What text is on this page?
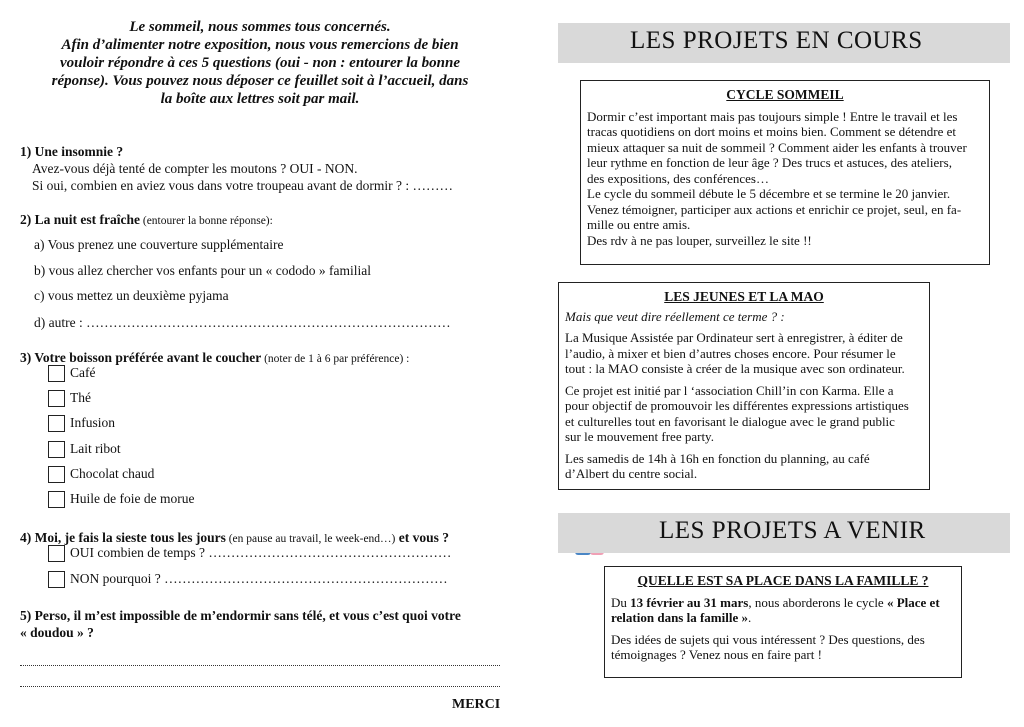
Le sommeil, nous sommes tous concernés.
Afin d’alimenter notre exposition, nous vous remercions de bien
vouloir répondre à ces 5 questions (oui - non : entourer la bonne
réponse). Vous pouvez nous déposer ce feuillet soit à l’accueil, dans
la boîte aux lettres soit par mail.
1) Une insomnie ?
Avez-vous déjà tenté de compter les moutons ? OUI - NON.
Si oui, combien en aviez vous dans votre troupeau avant de dormir ? : ………
2) La nuit est fraîche (entourer la bonne réponse):
a) Vous prenez une couverture supplémentaire
b) vous allez chercher vos enfants pour un « cododo » familial
c) vous mettez un deuxième pyjama
d) autre : ………………………………………………………………………
3) Votre boisson préférée avant le coucher (noter de 1 à 6 par préférence) :
Café
Thé
Infusion
Lait ribot
Chocolat chaud
Huile de foie de morue
4) Moi, je fais la sieste tous les jours (en pause au travail, le week-end…) et vous ?
OUI combien de temps ? ………………………………………………
NON pourquoi ? ………………………………………………………
5) Perso, il m’est impossible de m’endormir sans télé, et vous c’est quoi votre
« doudou » ?
MERCI
LES PROJETS EN COURS
CYCLE SOMMEIL
Dormir c’est important mais pas toujours simple ! Entre le travail et les
tracas quotidiens on dort moins et moins bien. Comment se détendre et
mieux attaquer sa nuit de sommeil ? Comment aider les enfants à trouver
leur rythme en fonction de leur âge ? Des trucs et astuces, des ateliers,
des expositions, des conférences…
Le cycle du sommeil débute le 5 décembre et se termine le 20 janvier.
Venez témoigner, participer aux actions et enrichir ce projet, seul, en fa-
mille ou entre amis.
Des rdv à ne pas louper, surveillez le site !!
LES JEUNES ET LA MAO

Mais que veut dire réellement ce terme ? :

La Musique Assistée par Ordinateur sert à enregistrer, à éditer de
l’audio, à mixer et bien d’autres choses encore. Pour résumer le
tout : la MAO consiste à créer de la musique avec son ordinateur.

Ce projet est initié par l ‘association Chill’in con Karma. Elle a
pour objectif de promouvoir les différentes expressions artistiques
et culturelles tout en favorisant le dialogue avec le grand public
sur le mouvement free party.

Les samedis de 14h à 16h en fonction du planning, au café
d’Albert du centre social.

LES PROJETS A VENIR
QUELLE EST SA PLACE DANS LA FAMILLE ?

Du 13 février au 31 mars, nous aborderons le cycle « Place et relation dans la famille ».

Des idées de sujets qui vous intéressent ? Des questions, des
témoignages ? Venez nous en faire part !
